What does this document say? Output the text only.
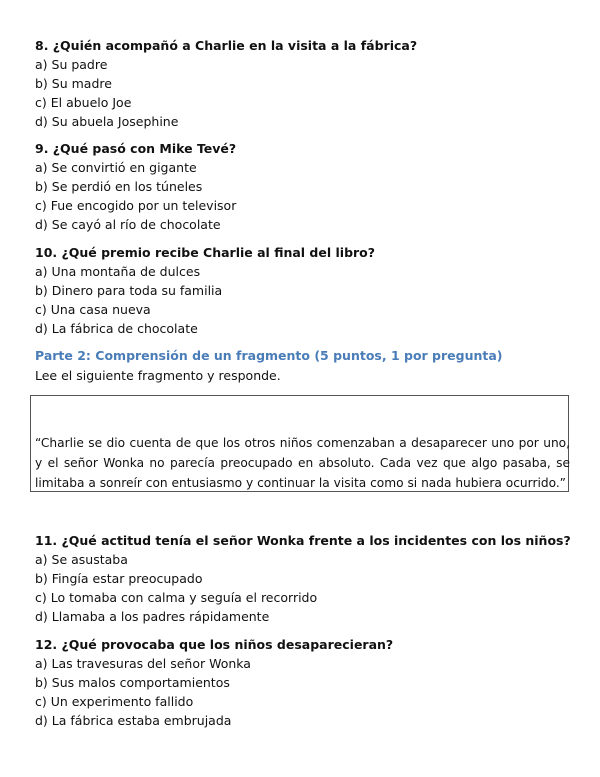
8. ¿Quién acompañó a Charlie en la visita a la fábrica?
a) Su padre
b) Su madre
c) El abuelo Joe
d) Su abuela Josephine
9. ¿Qué pasó con Mike Tevé?
a) Se convirtió en gigante
b) Se perdió en los túneles
c) Fue encogido por un televisor
d) Se cayó al río de chocolate
10. ¿Qué premio recibe Charlie al final del libro?
a) Una montaña de dulces
b) Dinero para toda su familia
c) Una casa nueva
d) La fábrica de chocolate
Parte 2: Comprensión de un fragmento (5 puntos, 1 por pregunta)
Lee el siguiente fragmento y responde.
“Charlie se dio cuenta de que los otros niños comenzaban a desaparecer uno por uno, y el señor Wonka no parecía preocupado en absoluto. Cada vez que algo pasaba, se limitaba a sonreír con entusiasmo y continuar la visita como si nada hubiera ocurrido.”
11. ¿Qué actitud tenía el señor Wonka frente a los incidentes con los niños?
a) Se asustaba
b) Fingía estar preocupado
c) Lo tomaba con calma y seguía el recorrido
d) Llamaba a los padres rápidamente
12. ¿Qué provocaba que los niños desaparecieran?
a) Las travesuras del señor Wonka
b) Sus malos comportamientos
c) Un experimento fallido
d) La fábrica estaba embrujada
